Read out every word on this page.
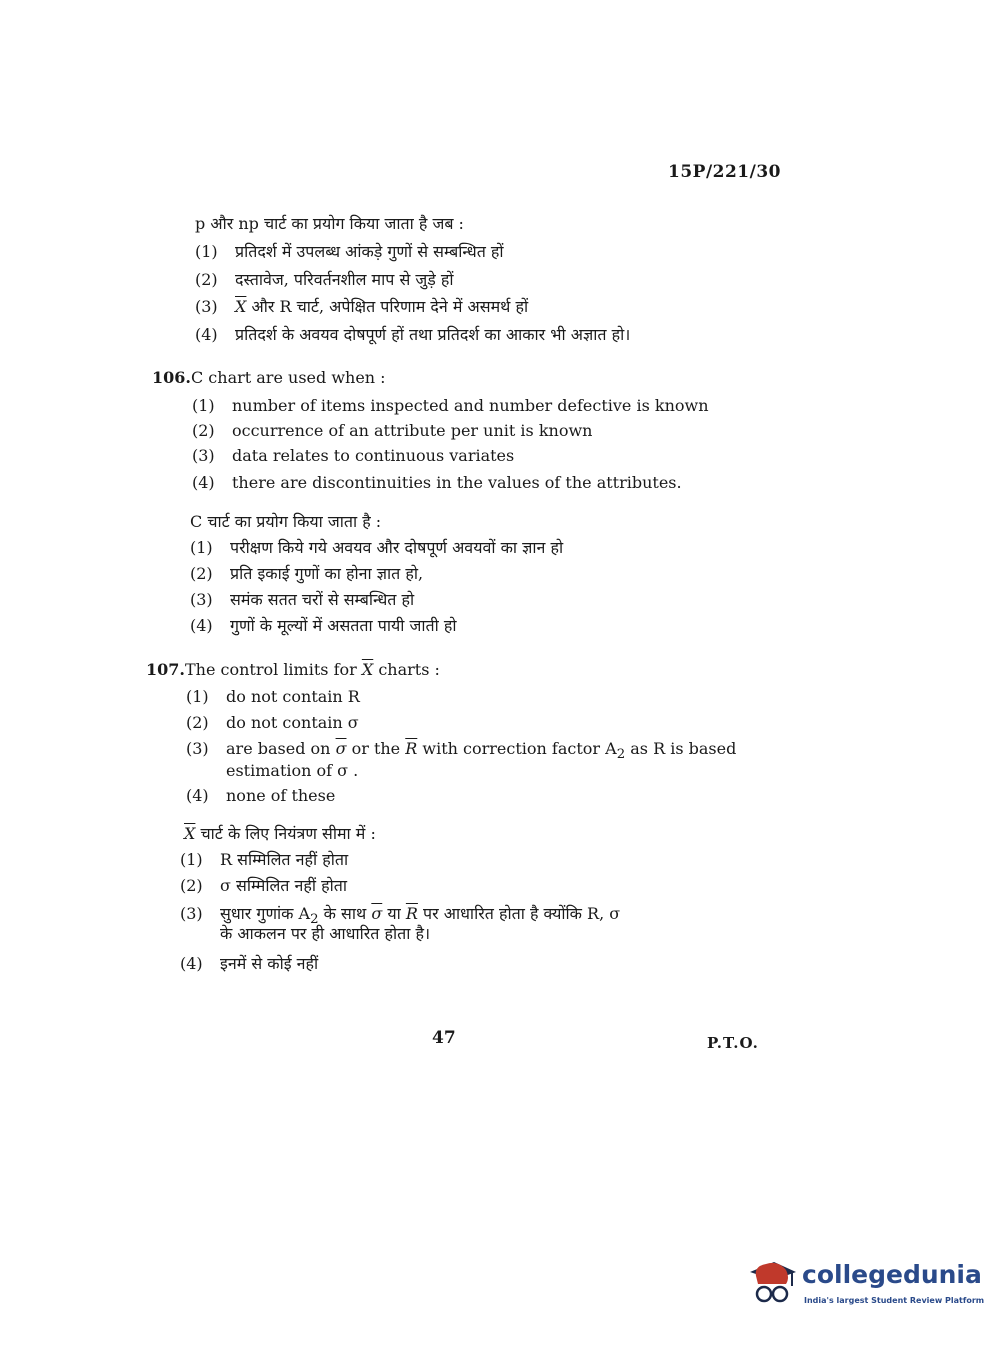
15P/221/30
p और np चार्ट का प्रयोग किया जाता है जब :
(1) प्रतिदर्श में उपलब्ध आंकड़े गुणों से सम्बन्धित हों
(2) दस्तावेज, परिवर्तनशील माप से जुड़े हों
(3) $\overline{X}$ और R चार्ट, अपेक्षित परिणाम देने में असमर्थ हों
(4) प्रतिदर्श के अवयव दोषपूर्ण हों तथा प्रतिदर्श का आकार भी अज्ञात हो।
106.C chart are used when :
(1) number of items inspected and number defective is known
(2) occurrence of an attribute per unit is known
(3) data relates to continuous variates
(4) there are discontinuities in the values of the attributes.
C चार्ट का प्रयोग किया जाता है :
(1) परीक्षण किये गये अवयव और दोषपूर्ण अवयवों का ज्ञान हो
(2) प्रति इकाई गुणों का होना ज्ञात हो,
(3) समंक सतत चरों से सम्बन्धित हो
(4) गुणों के मूल्यों में असतता पायी जाती हो
107.The control limits for $\overline{X}$ charts :
(1) do not contain R
(2) do not contain σ
(3) are based on $\overline{\sigma}$ or the $\overline{R}$ with correction factor $A_2$ as R is based
estimation of σ .
(4) none of these
$\overline{X}$ चार्ट के लिए नियंत्रण सीमा में :
(1) R सम्मिलित नहीं होता
(2) σ सम्मिलित नहीं होता
(3) सुधार गुणांक $A_2$ के साथ $\overline{\sigma}$ या $\overline{R}$ पर आधारित होता है क्योंकि R, σ
के आकलन पर ही आधारित होता है।
(4) इनमें से कोई नहीं
47	P.T.O.
collegedunia
India's largest Student Review Platform
